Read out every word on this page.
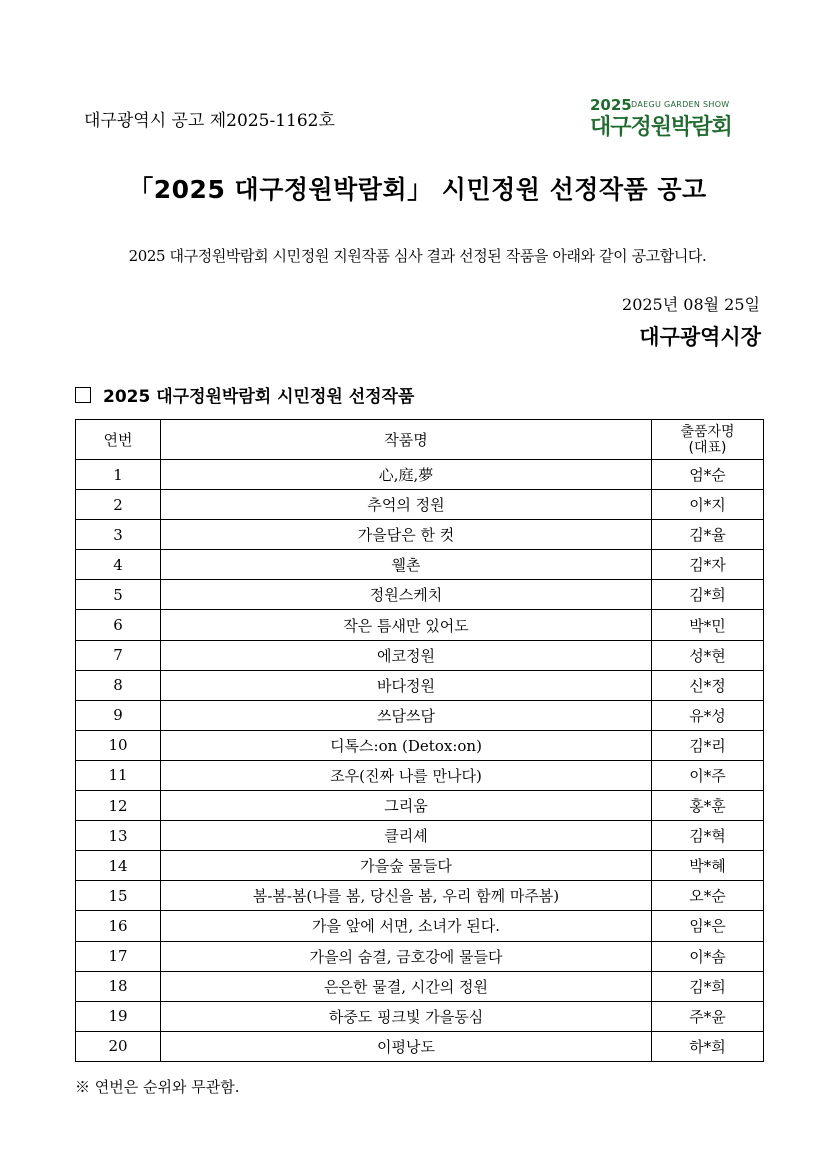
대구광역시 공고 제2025-1162호
2025 DAEGU GARDEN SHOW
대구정원박람회
「2025 대구정원박람회」 시민정원 선정작품 공고

2025 대구정원박람회 시민정원 지원작품 심사 결과 선정된 작품을 아래와 같이 공고합니다.

2025년 08월 25일
대구광역시장
2025 대구정원박람회 시민정원 선정작품
연번	작품명	출품자명
(대표)

1	心,庭,夢	엄*순
2	추억의 정원	이*지
3	가을담은 한 컷	김*율
4	웰촌	김*자
5	정원스케치	김*희
6	작은 틈새만 있어도	박*민
7	에코정원	성*현
8	바다정원	신*정
9	쓰담쓰담	유*성
10	디톡스:on (Detox:on)	김*리
11	조우(진짜 나를 만나다)	이*주
12	그리움	홍*훈
13	클리셰	김*혁
14	가을숲 물들다	박*혜
15	봄-봄-봄(나를 봄, 당신을 봄, 우리 함께 마주봄)	오*순
16	가을 앞에 서면, 소녀가 된다.	임*은
17	가을의 숨결, 금호강에 물들다	이*솜
18	은은한 물결, 시간의 정원	김*희
19	하중도 핑크빛 가을동심	주*윤
20	이평낭도	하*희
※ 연번은 순위와 무관함.
